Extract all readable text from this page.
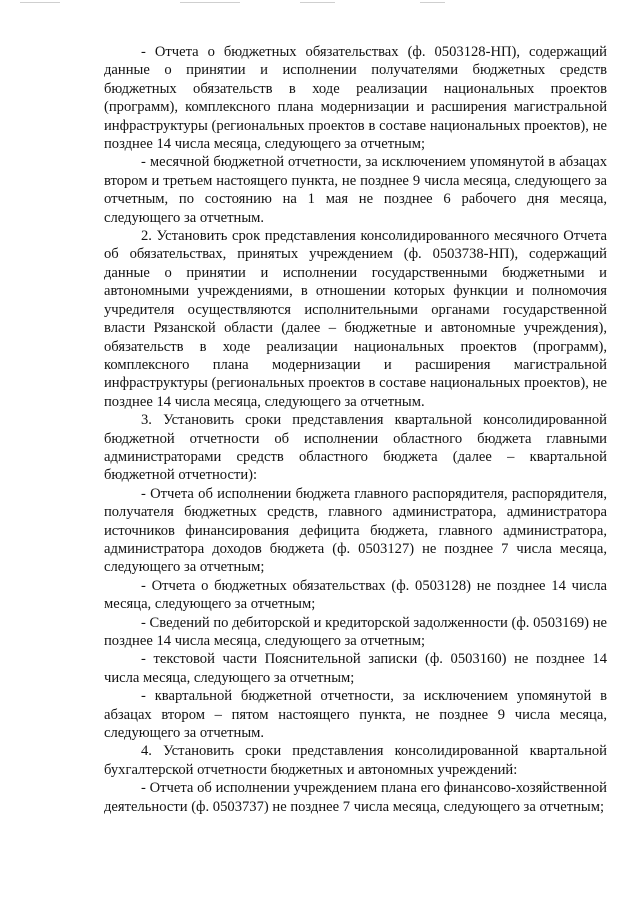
- Отчета о бюджетных обязательствах (ф. 0503128-НП), содержащий данные о принятии и исполнении получателями бюджетных средств бюджетных обязательств в ходе реализации национальных проектов (программ), комплексного плана модернизации и расширения магистральной инфраструктуры (региональных проектов в составе национальных проектов), не позднее 14 числа месяца, следующего за отчетным;

- месячной бюджетной отчетности, за исключением упомянутой в абзацах втором и третьем настоящего пункта, не позднее 9 числа месяца, следующего за отчетным, по состоянию на 1 мая не позднее 6 рабочего дня месяца, следующего за отчетным.

2. Установить срок представления консолидированного месячного Отчета об обязательствах, принятых учреждением (ф. 0503738-НП), содержащий данные о принятии и исполнении государственными бюджетными и автономными учреждениями, в отношении которых функции и полномочия учредителя осуществляются исполнительными органами государственной власти Рязанской области (далее – бюджетные и автономные учреждения), обязательств в ходе реализации национальных проектов (программ), комплексного плана модернизации и расширения магистральной инфраструктуры (региональных проектов в составе национальных проектов), не позднее 14 числа месяца, следующего за отчетным.

3. Установить сроки представления квартальной консолидированной бюджетной отчетности об исполнении областного бюджета главными администраторами средств областного бюджета (далее – квартальной бюджетной отчетности):

- Отчета об исполнении бюджета главного распорядителя, распорядителя, получателя бюджетных средств, главного администратора, администратора источников финансирования дефицита бюджета, главного администратора, администратора доходов бюджета (ф. 0503127) не позднее 7 числа месяца, следующего за отчетным;

- Отчета о бюджетных обязательствах (ф. 0503128) не позднее 14 числа месяца, следующего за отчетным;

- Сведений по дебиторской и кредиторской задолженности (ф. 0503169) не позднее 14 числа месяца, следующего за отчетным;

- текстовой части Пояснительной записки (ф. 0503160) не позднее 14 числа месяца, следующего за отчетным;

- квартальной бюджетной отчетности, за исключением упомянутой в абзацах втором – пятом настоящего пункта, не позднее 9 числа месяца, следующего за отчетным.

4. Установить сроки представления консолидированной квартальной бухгалтерской отчетности бюджетных и автономных учреждений:

- Отчета об исполнении учреждением плана его финансово-хозяйственной деятельности (ф. 0503737) не позднее 7 числа месяца, следующего за отчетным;
